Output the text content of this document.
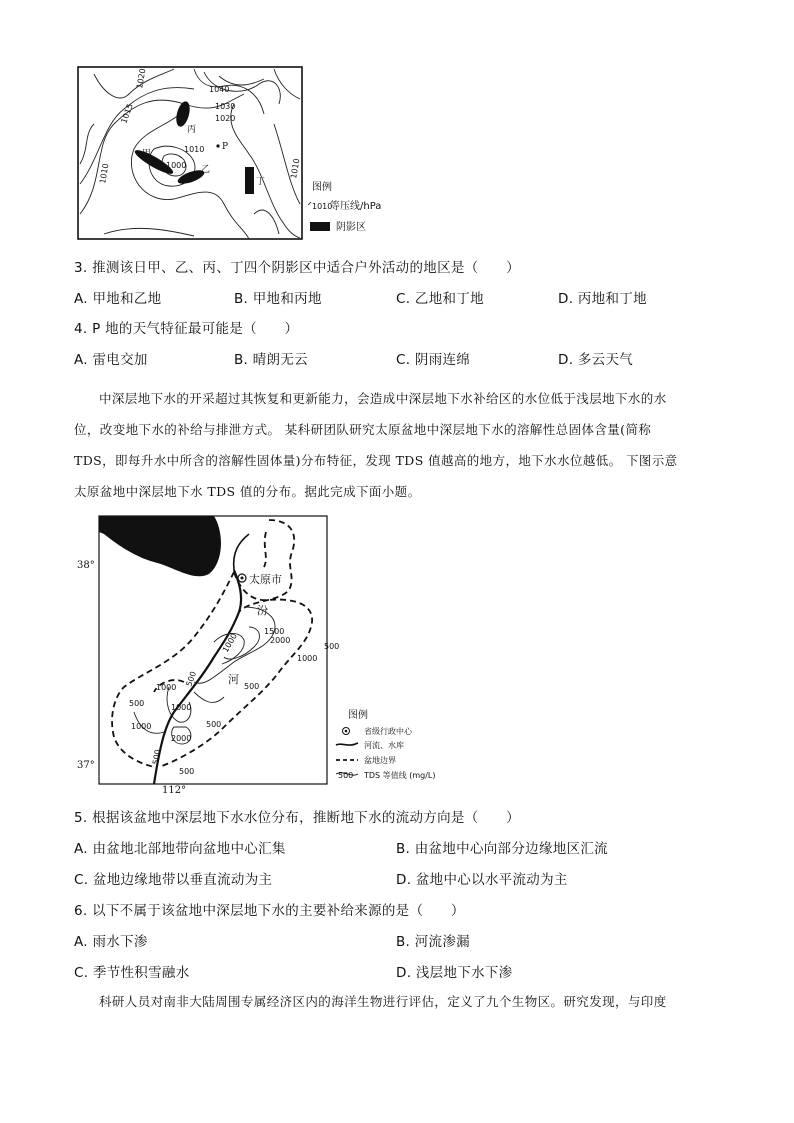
1040
1030
1020
1010
1000
1020
1015
1010	1010
甲
乙
丙
丁
P
图例
1010
等压线/hPa
阴影区
3. 推测该日甲、乙、丙、丁四个阴影区中适合户外活动的地区是（　　）
A. 甲地和乙地	B. 甲地和丙地	C. 乙地和丁地	D. 丙地和丁地
4. P 地的天气特征最可能是（　　）
A. 雷电交加	B. 晴朗无云	C. 阴雨连绵	D. 多云天气

中深层地下水的开采超过其恢复和更新能力，会造成中深层地下水补给区的水位低于浅层地下水的水

位，改变地下水的补给与排泄方式。 某科研团队研究太原盆地中深层地下水的溶解性总固体含量(简称

TDS，即每升水中所含的溶解性固体量)分布特征，发现 TDS 值越高的地方，地下水水位越低。 下图示意

太原盆地中深层地下水 TDS 值的分布。据此完成下面小题。

太原市
汾
河
1500
2000
1000
500
1000
500	500
1000
500	1000
500
1000
2000
500
500
38°
37°
112°
图例
省级行政中心
河流、水库
盆地边界
500 TDS 等值线 (mg/L)
5. 根据该盆地中深层地下水水位分布，推断地下水的流动方向是（　　）
A. 由盆地北部地带向盆地中心汇集	B. 由盆地中心向部分边缘地区汇流
C. 盆地边缘地带以垂直流动为主	D. 盆地中心以水平流动为主
6. 以下不属于该盆地中深层地下水的主要补给来源的是（　　）
A. 雨水下渗	B. 河流渗漏
C. 季节性积雪融水	D. 浅层地下水下渗

科研人员对南非大陆周围专属经济区内的海洋生物进行评估，定义了九个生物区。研究发现，与印度
